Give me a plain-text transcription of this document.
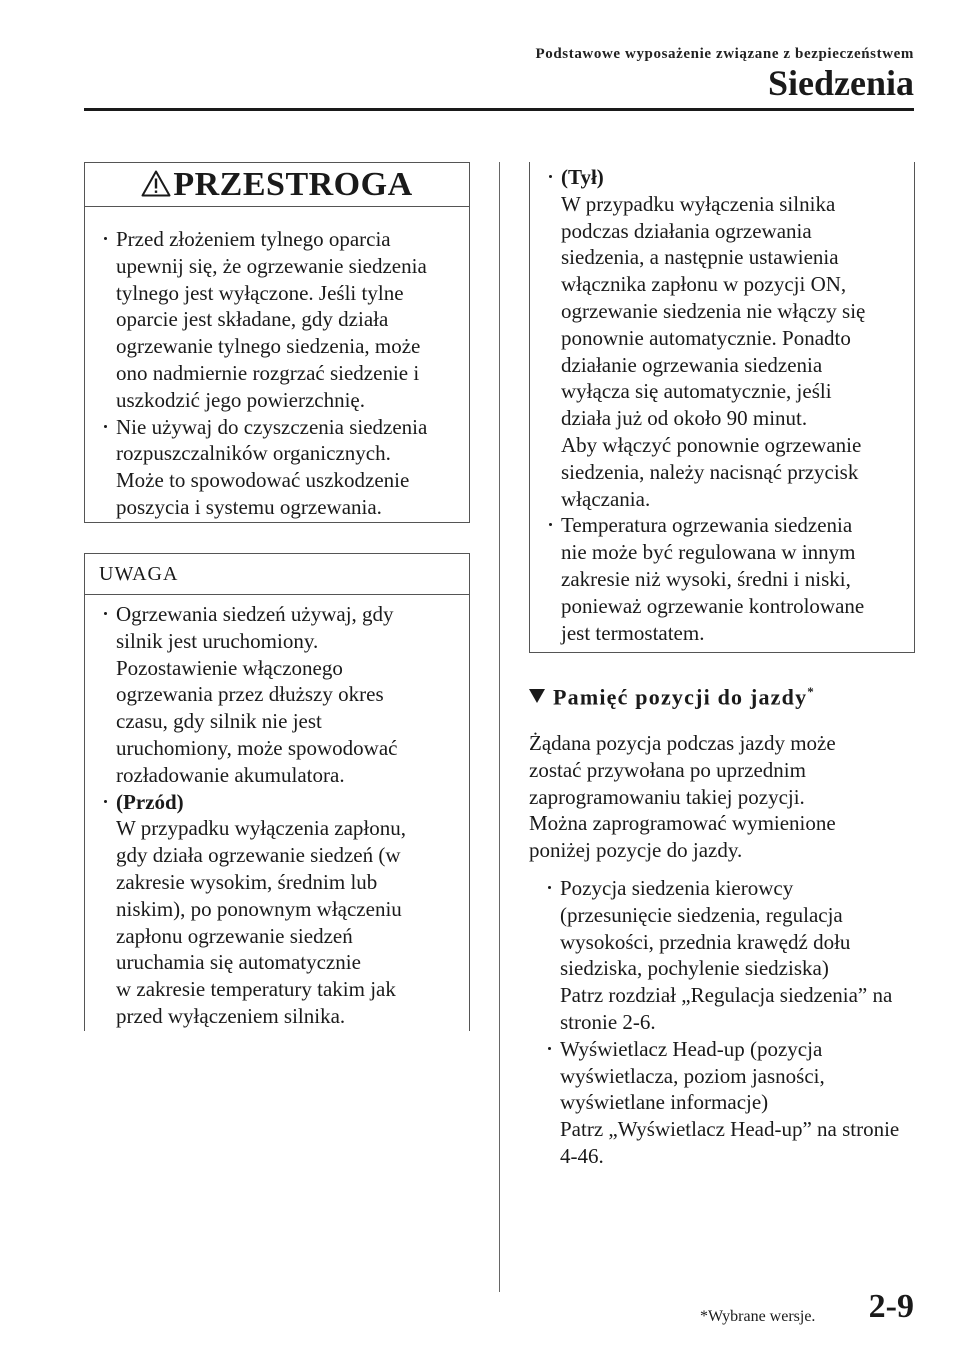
Podstawowe wyposażenie związane z bezpieczeństwem
Siedzenia
PRZESTROGA
Przed złożeniem tylnego oparcia
upewnij się, że ogrzewanie siedzenia
tylnego jest wyłączone. Jeśli tylne
oparcie jest składane, gdy działa
ogrzewanie tylnego siedzenia, może
ono nadmiernie rozgrzać siedzenie i
uszkodzić jego powierzchnię.
Nie używaj do czyszczenia siedzenia
rozpuszczalników organicznych.
Może to spowodować uszkodzenie
poszycia i systemu ogrzewania.
UWAGA
Ogrzewania siedzeń używaj, gdy
silnik jest uruchomiony.
Pozostawienie włączonego
ogrzewania przez dłuższy okres
czasu, gdy silnik nie jest
uruchomiony, może spowodować
rozładowanie akumulatora.
(Przód)
W przypadku wyłączenia zapłonu,
gdy działa ogrzewanie siedzeń (w
zakresie wysokim, średnim lub
niskim), po ponownym włączeniu
zapłonu ogrzewanie siedzeń
uruchamia się automatycznie
w zakresie temperatury takim jak
przed wyłączeniem silnika.
(Tył)
W przypadku wyłączenia silnika
podczas działania ogrzewania
siedzenia, a następnie ustawienia
włącznika zapłonu w pozycji ON,
ogrzewanie siedzenia nie włączy się
ponownie automatycznie. Ponadto
działanie ogrzewania siedzenia
wyłącza się automatycznie, jeśli
działa już od około 90 minut.
Aby włączyć ponownie ogrzewanie
siedzenia, należy nacisnąć przycisk
włączania.
Temperatura ogrzewania siedzenia
nie może być regulowana w innym
zakresie niż wysoki, średni i niski,
ponieważ ogrzewanie kontrolowane
jest termostatem.
Pamięć pozycji do jazdy*
Żądana pozycja podczas jazdy może
zostać przywołana po uprzednim
zaprogramowaniu takiej pozycji.
Można zaprogramować wymienione
poniżej pozycje do jazdy.
Pozycja siedzenia kierowcy
(przesunięcie siedzenia, regulacja
wysokości, przednia krawędź dołu
siedziska, pochylenie siedziska)
Patrz rozdział „Regulacja siedzenia” na
stronie 2-6.
Wyświetlacz Head-up (pozycja
wyświetlacza, poziom jasności,
wyświetlane informacje)
Patrz „Wyświetlacz Head-up” na stronie
4-46.
*Wybrane wersje. 2-9
